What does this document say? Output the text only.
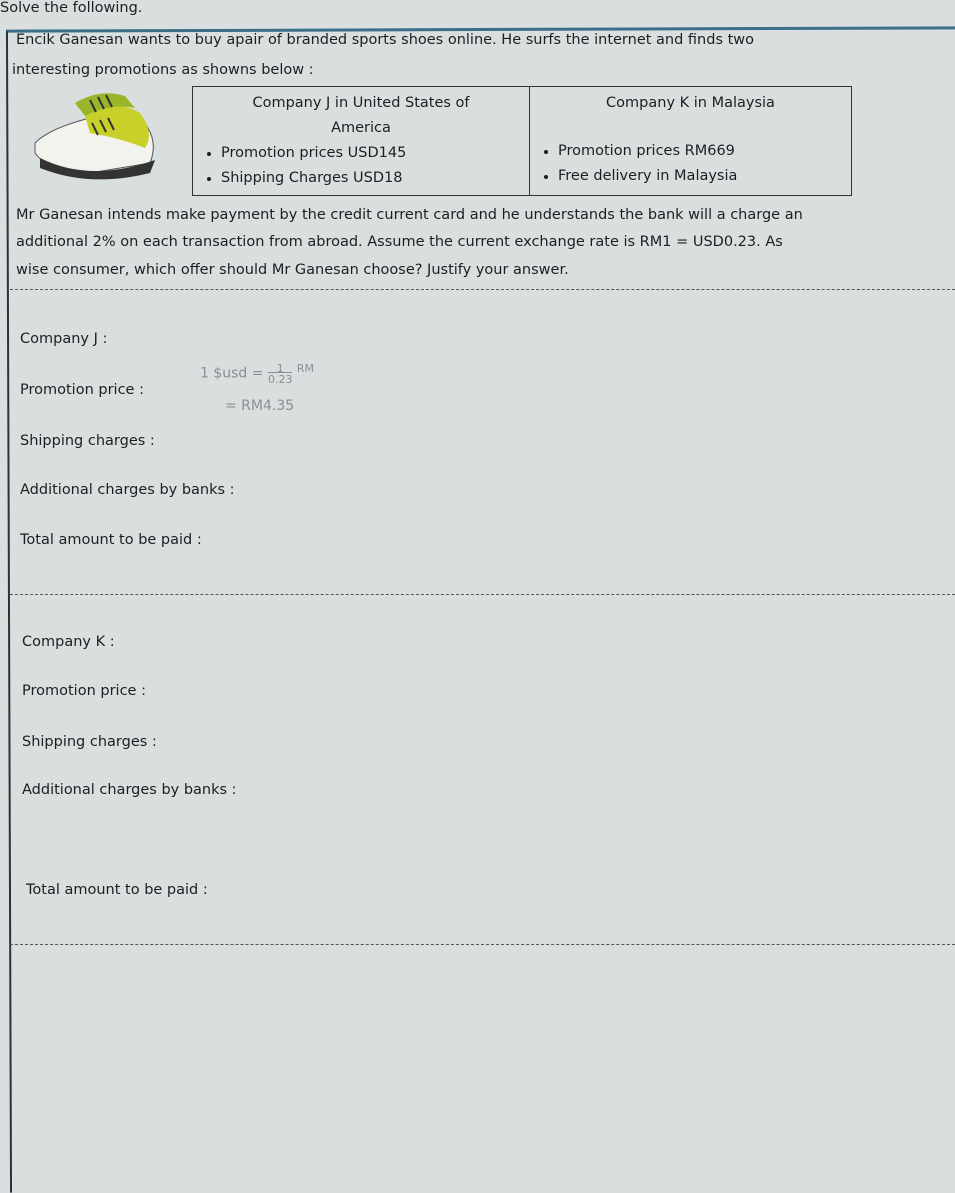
Solve the following.
Encik Ganesan wants to buy apair of branded sports shoes online. He surfs the internet and finds two
interesting promotions as showns below :
Company J in United States of
America
• Promotion prices USD145
• Shipping Charges USD18

Company K in Malaysia
• Promotion prices RM669
• Free delivery in Malaysia
Mr Ganesan intends make payment by the credit current card and he understands the bank will a charge an
additional 2% on each transaction from abroad. Assume the current exchange rate is RM1 = USD0.23. As
wise consumer, which offer should Mr Ganesan choose? Justify your answer.
Company J :
Promotion price :
1 $usd = $\frac{1}{0.23} ^{RM}$
= RM4.35
Shipping charges :
Additional charges by banks :
Total amount to be paid :
Company K :
Promotion price :
Shipping charges :
Additional charges by banks :
Total amount to be paid :
